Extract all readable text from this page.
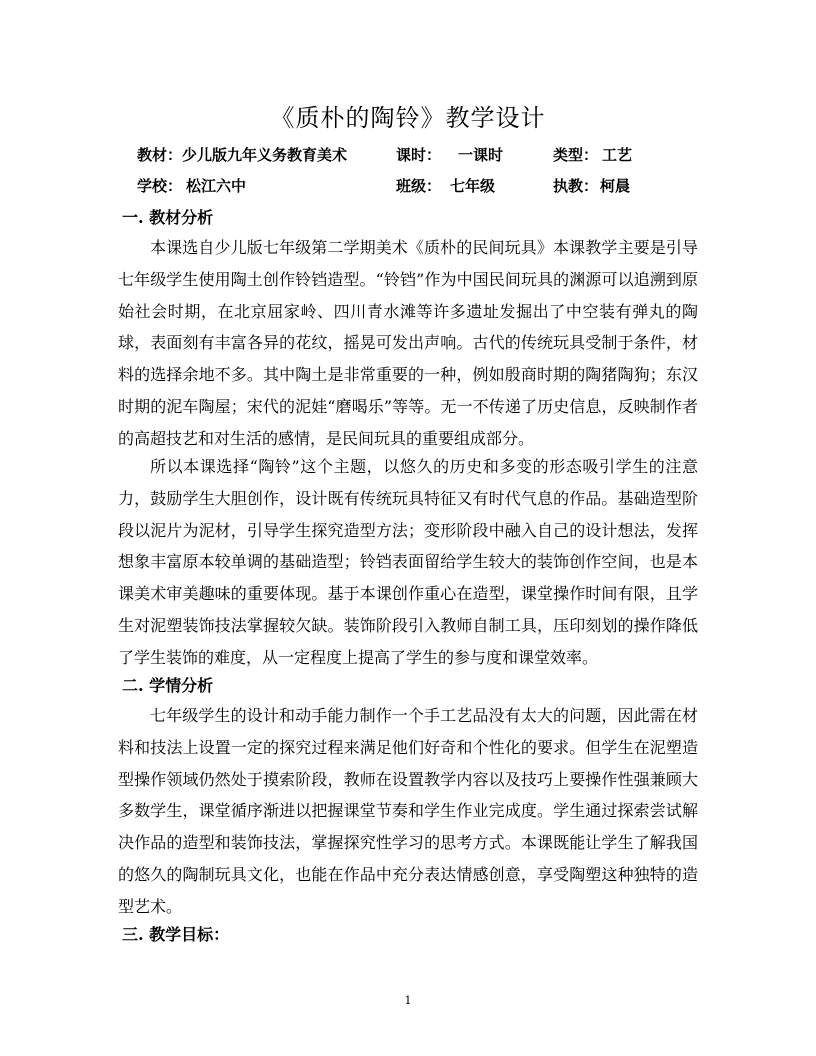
《质朴的陶铃》教学设计
教材： 少儿版九年义务教育美术	课时： 一课时	类型： 工艺
学校： 松江六中	班级： 七年级	执教： 柯晨
一. 教材分析
本课选自少儿版七年级第二学期美术《质朴的民间玩具》本课教学主要是引导七年级学生使用陶土创作铃铛造型。“铃铛”作为中国民间玩具的渊源可以追溯到原始社会时期，在北京屈家岭、四川青水滩等许多遗址发掘出了中空装有弹丸的陶球，表面刻有丰富各异的花纹，摇晃可发出声响。古代的传统玩具受制于条件，材料的选择余地不多。其中陶土是非常重要的一种，例如殷商时期的陶猪陶狗；东汉时期的泥车陶屋；宋代的泥娃“磨喝乐”等等。无一不传递了历史信息，反映制作者的高超技艺和对生活的感情，是民间玩具的重要组成部分。
所以本课选择“陶铃”这个主题，以悠久的历史和多变的形态吸引学生的注意力，鼓励学生大胆创作，设计既有传统玩具特征又有时代气息的作品。基础造型阶段以泥片为泥材，引导学生探究造型方法；变形阶段中融入自己的设计想法，发挥想象丰富原本较单调的基础造型；铃铛表面留给学生较大的装饰创作空间，也是本课美术审美趣味的重要体现。基于本课创作重心在造型，课堂操作时间有限，且学生对泥塑装饰技法掌握较欠缺。装饰阶段引入教师自制工具，压印刻划的操作降低了学生装饰的难度，从一定程度上提高了学生的参与度和课堂效率。
二. 学情分析
七年级学生的设计和动手能力制作一个手工艺品没有太大的问题，因此需在材料和技法上设置一定的探究过程来满足他们好奇和个性化的要求。但学生在泥塑造型操作领域仍然处于摸索阶段，教师在设置教学内容以及技巧上要操作性强兼顾大多数学生，课堂循序渐进以把握课堂节奏和学生作业完成度。学生通过探索尝试解决作品的造型和装饰技法，掌握探究性学习的思考方式。本课既能让学生了解我国的悠久的陶制玩具文化，也能在作品中充分表达情感创意，享受陶塑这种独特的造型艺术。
三. 教学目标：
1
